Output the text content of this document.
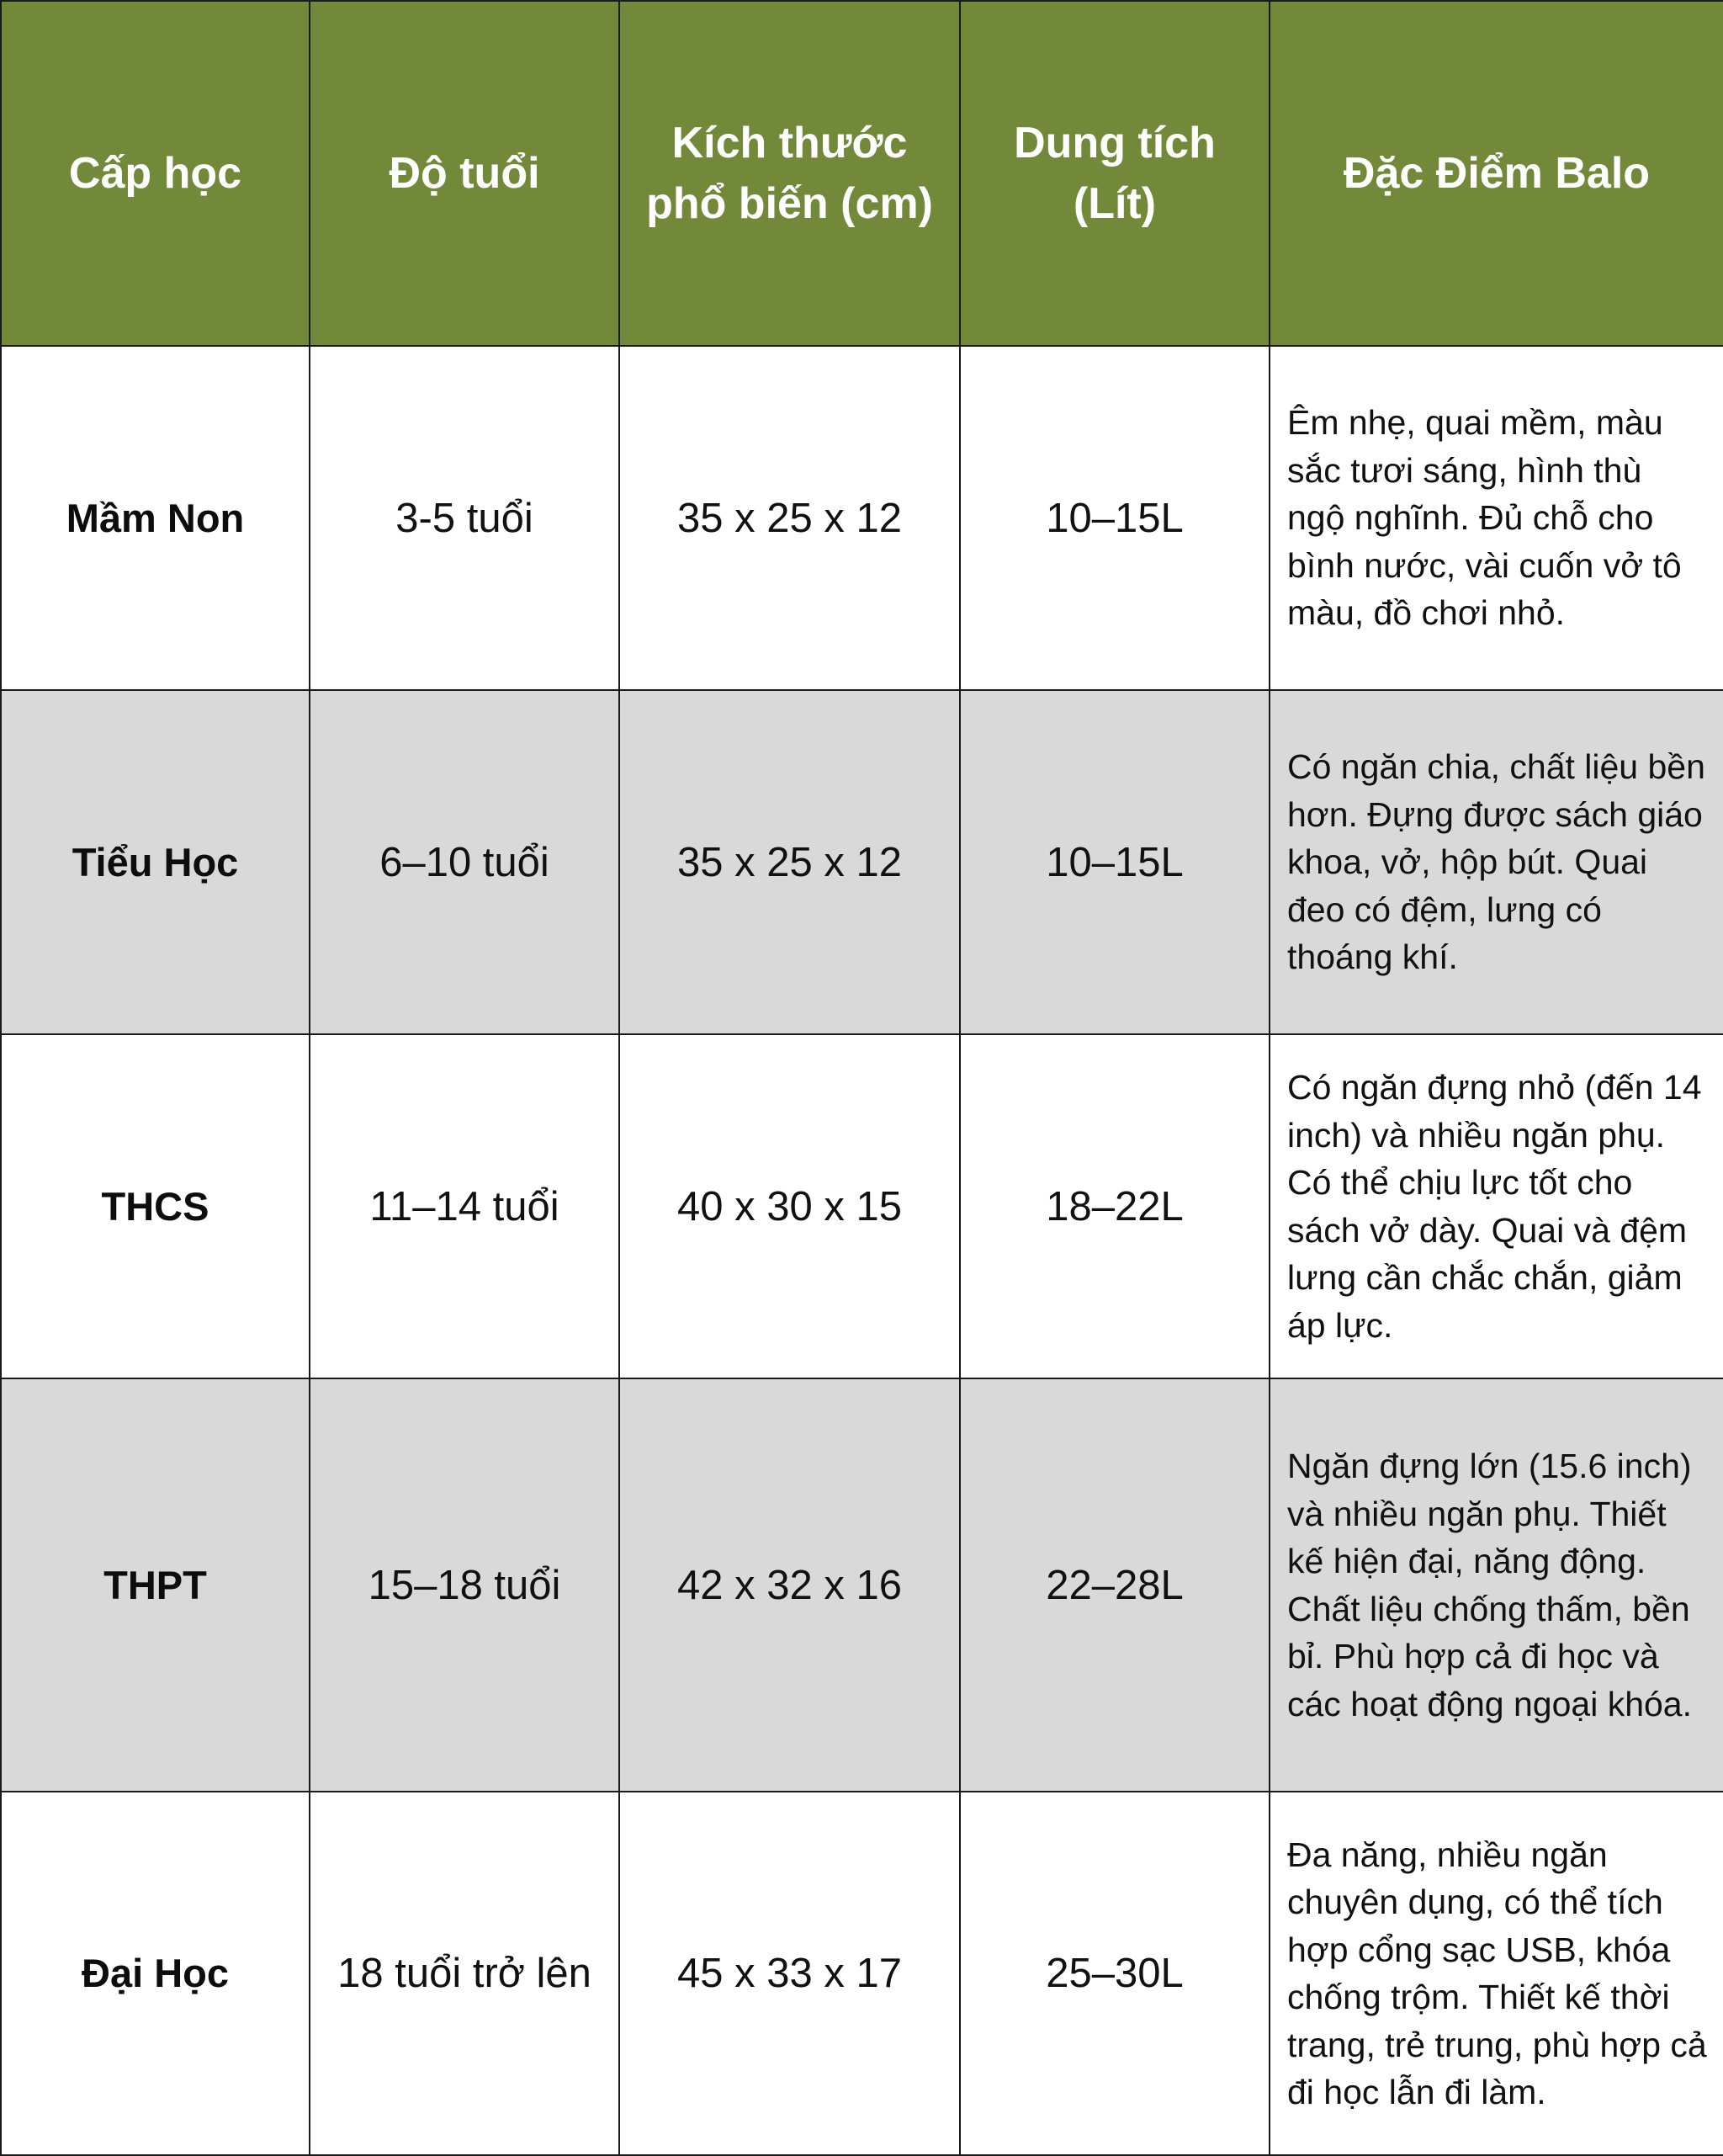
Cấp học	Độ tuổi	Kích thước phổ biến (cm)	Dung tích (Lít)	Đặc Điểm Balo
Mầm Non	3-5 tuổi	35 x 25 x 12	10–15L	Êm nhẹ, quai mềm, màu sắc tươi sáng, hình thù ngộ nghĩnh. Đủ chỗ cho bình nước, vài cuốn vở tô màu, đồ chơi nhỏ.
Tiểu Học	6–10 tuổi	35 x 25 x 12	10–15L	Có ngăn chia, chất liệu bền hơn. Đựng được sách giáo khoa, vở, hộp bút. Quai đeo có đệm, lưng có thoáng khí.
THCS	11–14 tuổi	40 x 30 x 15	18–22L	Có ngăn đựng nhỏ (đến 14 inch) và nhiều ngăn phụ. Có thể chịu lực tốt cho sách vở dày. Quai và đệm lưng cần chắc chắn, giảm áp lực.
THPT	15–18 tuổi	42 x 32 x 16	22–28L	Ngăn đựng lớn (15.6 inch) và nhiều ngăn phụ. Thiết kế hiện đại, năng động. Chất liệu chống thấm, bền bỉ. Phù hợp cả đi học và các hoạt động ngoại khóa.
Đại Học	18 tuổi trở lên	45 x 33 x 17	25–30L	Đa năng, nhiều ngăn chuyên dụng, có thể tích hợp cổng sạc USB, khóa chống trộm. Thiết kế thời trang, trẻ trung, phù hợp cả đi học lẫn đi làm.
